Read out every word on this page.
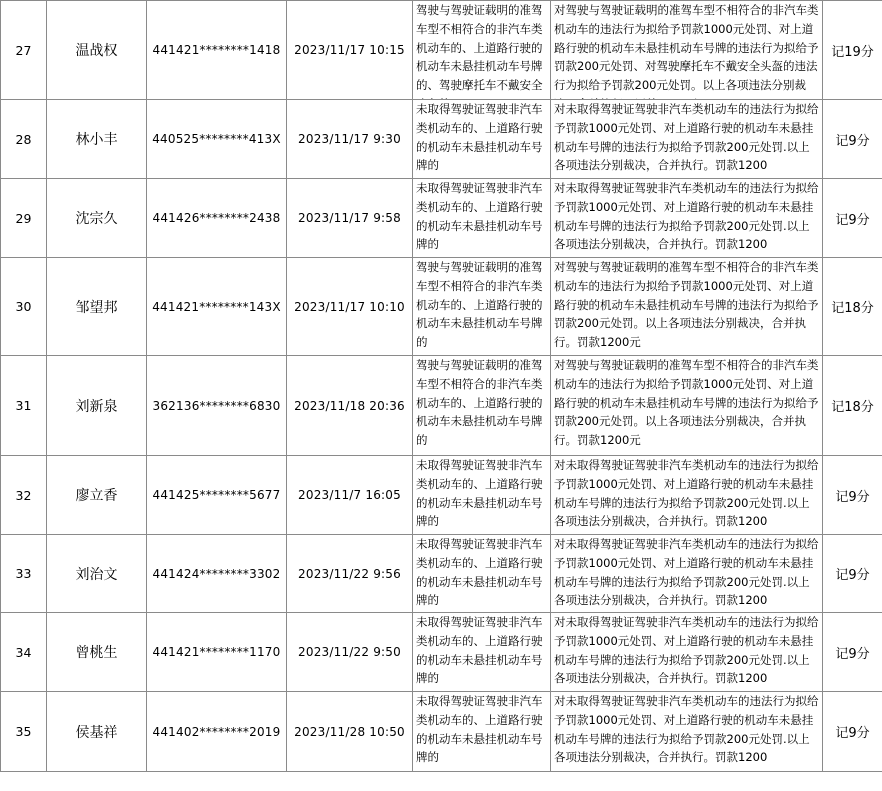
27	温战权	441421********1418	2023/11/17 10:15	驾驶与驾驶证载明的准驾车型不相符合的非汽车类机动车的、上道路行驶的机动车未悬挂机动车号牌的、驾驶摩托车不戴安全	对驾驶与驾驶证载明的准驾车型不相符合的非汽车类机动车的违法行为拟给予罚款1000元处罚、对上道路行驶的机动车未悬挂机动车号牌的违法行为拟给予罚款200元处罚、对驾驶摩托车不戴安全头盔的违法行为拟给予罚款200元处罚。以上各项违法分别裁	记19分
28	林小丰	440525********413X	2023/11/17 9:30	未取得驾驶证驾驶非汽车类机动车的、上道路行驶的机动车未悬挂机动车号牌的	对未取得驾驶证驾驶非汽车类机动车的违法行为拟给予罚款1000元处罚、对上道路行驶的机动车未悬挂机动车号牌的违法行为拟给予罚款200元处罚.以上各项违法分别裁决，合并执行。罚款1200	记9分
29	沈宗久	441426********2438	2023/11/17 9:58	未取得驾驶证驾驶非汽车类机动车的、上道路行驶的机动车未悬挂机动车号牌的	对未取得驾驶证驾驶非汽车类机动车的违法行为拟给予罚款1000元处罚、对上道路行驶的机动车未悬挂机动车号牌的违法行为拟给予罚款200元处罚.以上各项违法分别裁决，合并执行。罚款1200	记9分
30	邹望邦	441421********143X	2023/11/17 10:10	驾驶与驾驶证载明的准驾车型不相符合的非汽车类机动车的、上道路行驶的机动车未悬挂机动车号牌的	对驾驶与驾驶证载明的准驾车型不相符合的非汽车类机动车的违法行为拟给予罚款1000元处罚、对上道路行驶的机动车未悬挂机动车号牌的违法行为拟给予罚款200元处罚。以上各项违法分别裁决，合并执行。罚款1200元	记18分
31	刘新泉	362136********6830	2023/11/18 20:36	驾驶与驾驶证载明的准驾车型不相符合的非汽车类机动车的、上道路行驶的机动车未悬挂机动车号牌的	对驾驶与驾驶证载明的准驾车型不相符合的非汽车类机动车的违法行为拟给予罚款1000元处罚、对上道路行驶的机动车未悬挂机动车号牌的违法行为拟给予罚款200元处罚。以上各项违法分别裁决，合并执行。罚款1200元	记18分
32	廖立香	441425********5677	2023/11/7 16:05	未取得驾驶证驾驶非汽车类机动车的、上道路行驶的机动车未悬挂机动车号牌的	对未取得驾驶证驾驶非汽车类机动车的违法行为拟给予罚款1000元处罚、对上道路行驶的机动车未悬挂机动车号牌的违法行为拟给予罚款200元处罚.以上各项违法分别裁决，合并执行。罚款1200	记9分
33	刘治文	441424********3302	2023/11/22 9:56	未取得驾驶证驾驶非汽车类机动车的、上道路行驶的机动车未悬挂机动车号牌的	对未取得驾驶证驾驶非汽车类机动车的违法行为拟给予罚款1000元处罚、对上道路行驶的机动车未悬挂机动车号牌的违法行为拟给予罚款200元处罚.以上各项违法分别裁决，合并执行。罚款1200	记9分
34	曾桃生	441421********1170	2023/11/22 9:50	未取得驾驶证驾驶非汽车类机动车的、上道路行驶的机动车未悬挂机动车号牌的	对未取得驾驶证驾驶非汽车类机动车的违法行为拟给予罚款1000元处罚、对上道路行驶的机动车未悬挂机动车号牌的违法行为拟给予罚款200元处罚.以上各项违法分别裁决，合并执行。罚款1200	记9分
35	侯基祥	441402********2019	2023/11/28 10:50	未取得驾驶证驾驶非汽车类机动车的、上道路行驶的机动车未悬挂机动车号牌的	对未取得驾驶证驾驶非汽车类机动车的违法行为拟给予罚款1000元处罚、对上道路行驶的机动车未悬挂机动车号牌的违法行为拟给予罚款200元处罚.以上各项违法分别裁决，合并执行。罚款1200	记9分
